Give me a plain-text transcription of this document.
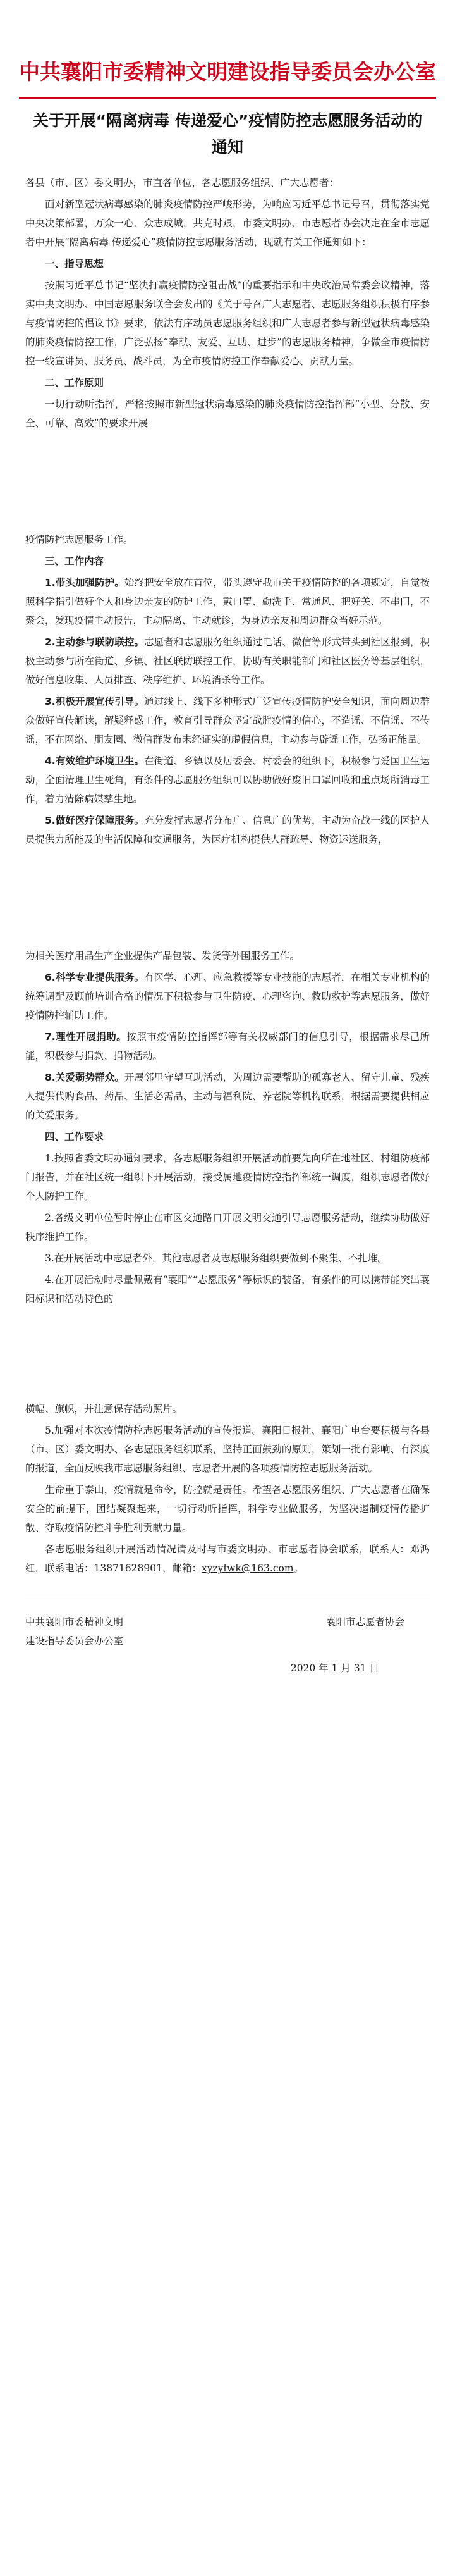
中共襄阳市委精神文明建设指导委员会办公室
关于开展“隔离病毒 传递爱心”疫情防控志愿服务活动的通知

各县（市、区）委文明办，市直各单位，各志愿服务组织、广大志愿者：

面对新型冠状病毒感染的肺炎疫情防控严峻形势，为响应习近平总书记号召，贯彻落实党中央决策部署，万众一心、众志成城，共克时艰，市委文明办、市志愿者协会决定在全市志愿者中开展“隔离病毒 传递爱心”疫情防控志愿服务活动，现就有关工作通知如下：

一、指导思想

按照习近平总书记“坚决打赢疫情防控阻击战”的重要指示和中央政治局常委会议精神，落实中央文明办、中国志愿服务联合会发出的《关于号召广大志愿者、志愿服务组织积极有序参与疫情防控的倡议书》要求，依法有序动员志愿服务组织和广大志愿者参与新型冠状病毒感染的肺炎疫情防控工作，广泛弘扬“奉献、友爱、互助、进步”的志愿服务精神，争做全市疫情防控一线宣讲员、服务员、战斗员，为全市疫情防控工作奉献爱心、贡献力量。

二、工作原则

一切行动听指挥，严格按照市新型冠状病毒感染的肺炎疫情防控指挥部“小型、分散、安全、可靠、高效”的要求开展

疫情防控志愿服务工作。

三、工作内容

1.带头加强防护。始终把安全放在首位，带头遵守我市关于疫情防控的各项规定，自觉按照科学指引做好个人和身边亲友的防护工作，戴口罩、勤洗手、常通风、把好关、不串门，不聚会，发现疫情主动报告，主动隔离、主动就诊，为身边亲友和周边群众当好示范。

2.主动参与联防联控。志愿者和志愿服务组织通过电话、微信等形式带头到社区报到，积极主动参与所在街道、乡镇、社区联防联控工作，协助有关职能部门和社区医务等基层组织，做好信息收集、人员排查、秩序维护、环境消杀等工作。

3.积极开展宣传引导。通过线上、线下多种形式广泛宣传疫情防护安全知识，面向周边群众做好宣传解读，解疑释惑工作，教育引导群众坚定战胜疫情的信心，不造谣、不信谣、不传谣，不在网络、朋友圈、微信群发布未经证实的虚假信息，主动参与辟谣工作，弘扬正能量。

4.有效维护环境卫生。在街道、乡镇以及居委会、村委会的组织下，积极参与爱国卫生运动，全面清理卫生死角，有条件的志愿服务组织可以协助做好废旧口罩回收和重点场所消毒工作，着力清除病媒孳生地。

5.做好医疗保障服务。充分发挥志愿者分布广、信息广的优势，主动为奋战一线的医护人员提供力所能及的生活保障和交通服务，为医疗机构提供人群疏导、物资运送服务，

为相关医疗用品生产企业提供产品包装、发货等外围服务工作。

6.科学专业提供服务。有医学、心理、应急救援等专业技能的志愿者，在相关专业机构的统筹调配及顾前培训合格的情况下积极参与卫生防疫、心理咨询、救助救护等志愿服务，做好疫情防控辅助工作。

7.理性开展捐助。按照市疫情防控指挥部等有关权威部门的信息引导，根据需求尽己所能，积极参与捐款、捐物活动。

8.关爱弱势群众。开展邻里守望互助活动，为周边需要帮助的孤寡老人、留守儿童、残疾人提供代购食品、药品、生活必需品、主动与福利院、养老院等机构联系，根据需要提供相应的关爱服务。

四、工作要求

1.按照省委文明办通知要求，各志愿服务组织开展活动前要先向所在地社区、村组防疫部门报告，并在社区统一组织下开展活动，接受属地疫情防控指挥部统一调度，组织志愿者做好个人防护工作。

2.各级文明单位暂时停止在市区交通路口开展文明交通引导志愿服务活动，继续协助做好秩序维护工作。

3.在开展活动中志愿者外，其他志愿者及志愿服务组织要做到不聚集、不扎堆。

4.在开展活动时尽量佩戴有“襄阳”“志愿服务”等标识的装备，有条件的可以携带能突出襄阳标识和活动特色的

横幅、旗帜，并注意保存活动照片。

5.加强对本次疫情防控志愿服务活动的宣传报道。襄阳日报社、襄阳广电台要积极与各县（市、区）委文明办、各志愿服务组织联系，坚持正面鼓劲的原则，策划一批有影响、有深度的报道，全面反映我市志愿服务组织、志愿者开展的各项疫情防控志愿服务活动。

生命重于泰山，疫情就是命令，防控就是责任。希望各志愿服务组织、广大志愿者在确保安全的前提下，团结凝聚起来，一切行动听指挥，科学专业做服务，为坚决遏制疫情传播扩散、夺取疫情防控斗争胜利贡献力量。

各志愿服务组织开展活动情况请及时与市委文明办、市志愿者协会联系，联系人：邓鸿红，联系电话：13871628901，邮箱：xyzyfwk@163.com。

中共襄阳市委精神文明
建设指导委员会办公室
襄阳市志愿者协会
2020 年 1 月 31 日
